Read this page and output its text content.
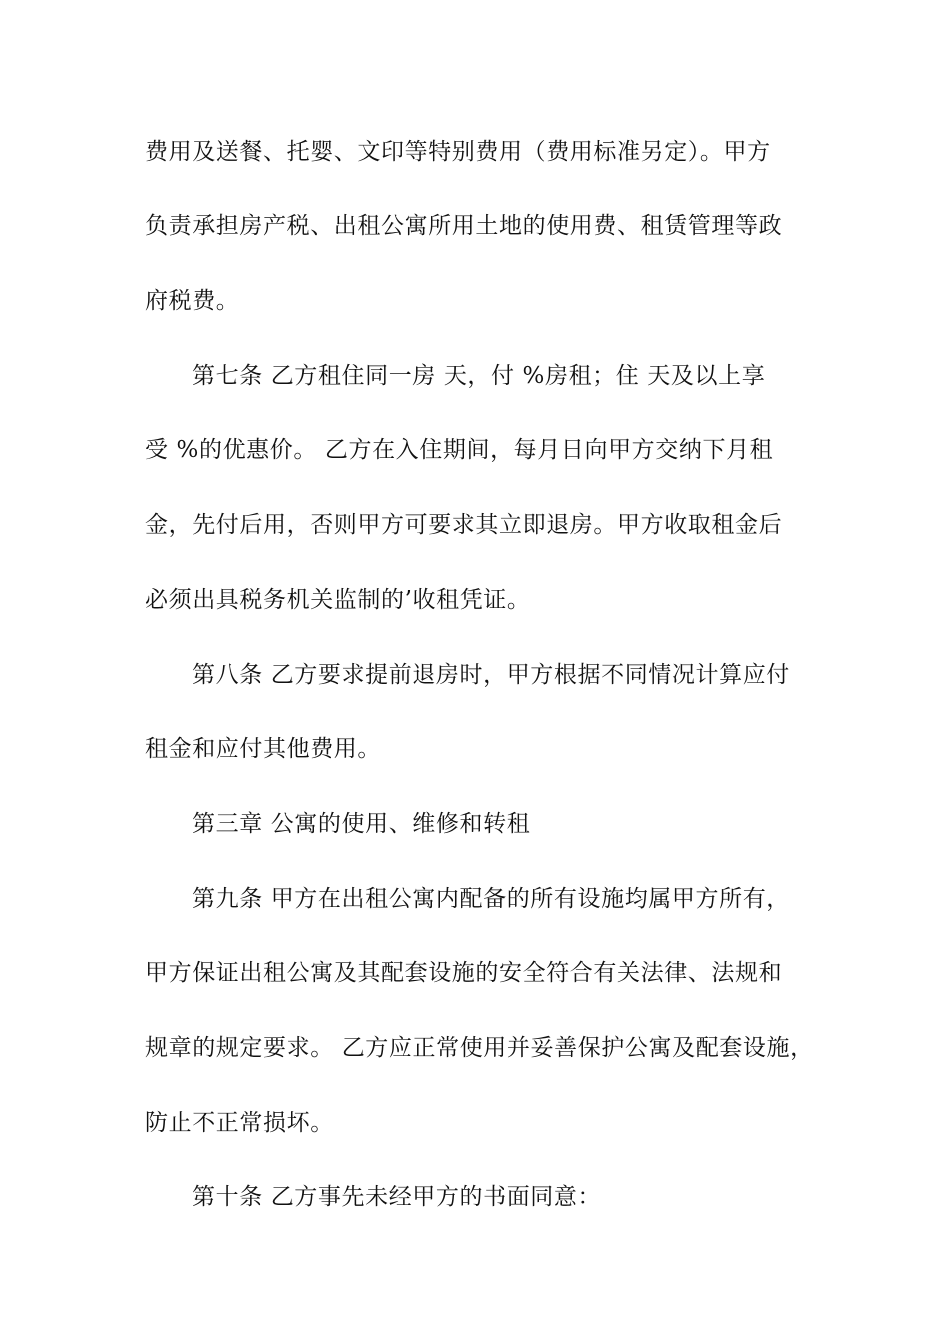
费用及送餐、托婴、文印等特别费用（费用标准另定）。甲方
负责承担房产税、出租公寓所用土地的使用费、租赁管理等政
府税费。
第七条 乙方租住同一房 天，付 %房租；住 天及以上享
受 %的优惠价。 乙方在入住期间，每月日向甲方交纳下月租
金，先付后用，否则甲方可要求其立即退房。甲方收取租金后
必须出具税务机关监制的’收租凭证。
第八条 乙方要求提前退房时，甲方根据不同情况计算应付
租金和应付其他费用。
第三章 公寓的使用、维修和转租
第九条 甲方在出租公寓内配备的所有设施均属甲方所有，
甲方保证出租公寓及其配套设施的安全符合有关法律、法规和
规章的规定要求。 乙方应正常使用并妥善保护公寓及配套设施，
防止不正常损坏。
第十条 乙方事先未经甲方的书面同意：
